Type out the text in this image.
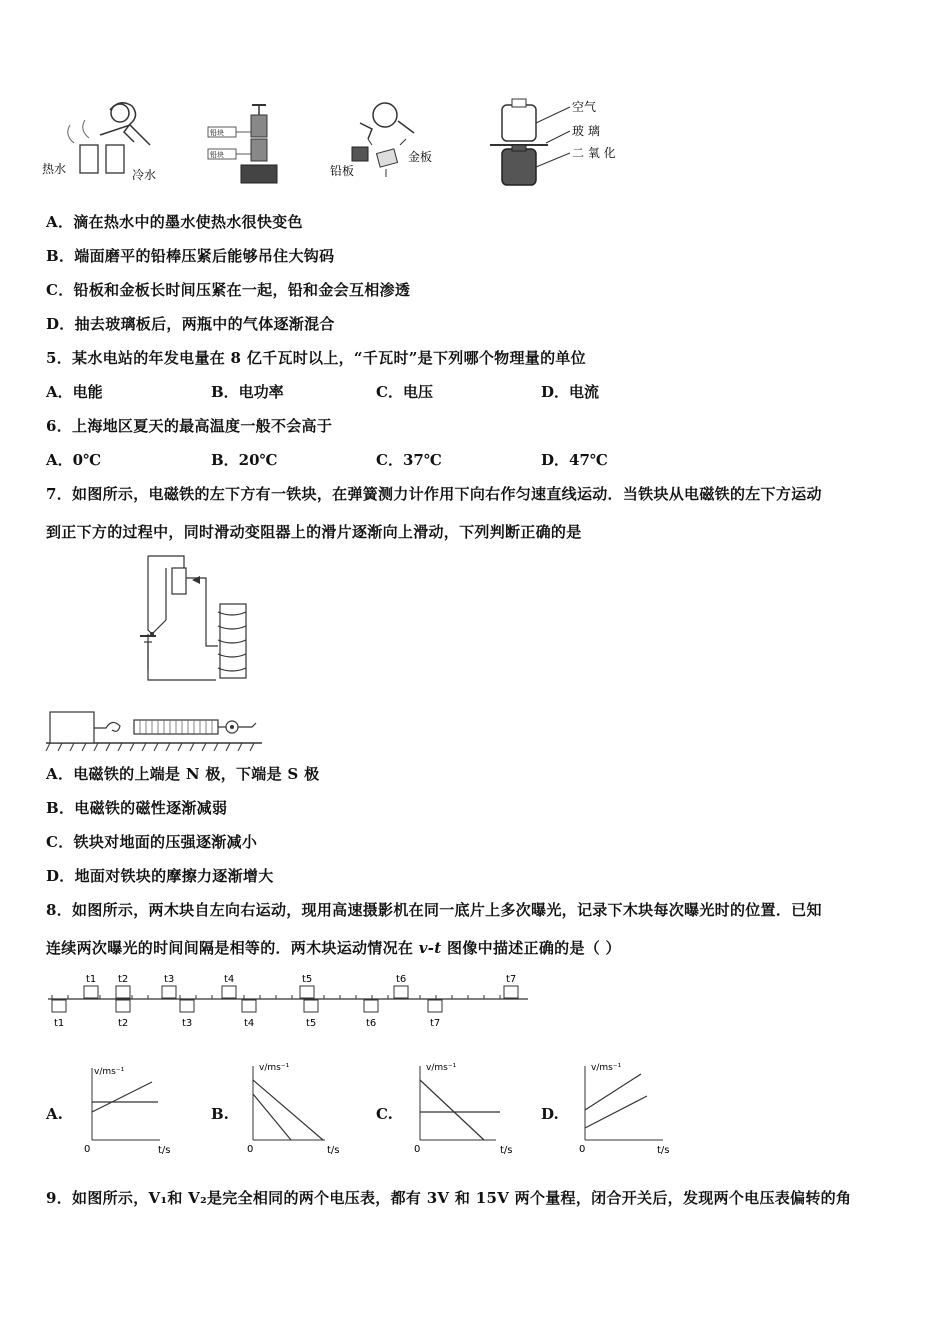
热水	冷水
铅块
铅块
铅板
金板
空气
玻 璃
二 氧 化
A．滴在热水中的墨水使热水很快变色
B．端面磨平的铅棒压紧后能够吊住大钩码
C．铅板和金板长时间压紧在一起，铅和金会互相渗透
D．抽去玻璃板后，两瓶中的气体逐渐混合
5．某水电站的年发电量在 8 亿千瓦时以上，“千瓦时”是下列哪个物理量的单位
A．电能	B．电功率	C．电压	D．电流
6．上海地区夏天的最高温度一般不会高于
A．0℃	B．20℃	C．37℃	D．47℃
7．如图所示，电磁铁的左下方有一铁块，在弹簧测力计作用下向右作匀速直线运动．当铁块从电磁铁的左下方运动
到正下方的过程中，同时滑动变阻器上的滑片逐渐向上滑动，下列判断正确的是
A．电磁铁的上端是 N 极，下端是 S 极
B．电磁铁的磁性逐渐减弱
C．铁块对地面的压强逐渐减小
D．地面对铁块的摩擦力逐渐增大
8．如图所示，两木块自左向右运动，现用高速摄影机在同一底片上多次曝光，记录下木块每次曝光时的位置．已知
连续两次曝光的时间间隔是相等的．两木块运动情况在 v-t 图像中描述正确的是（ ）
t1 t2	t3	t4	t5	t6	t7
t1	t2	t3	t4	t5	t6	t7
A.	B.	C.	D.
v/ms⁻¹
t/s
0
v/ms⁻¹
t/s
0
v/ms⁻¹
t/s
0
v/ms⁻¹
t/s
0
9．如图所示，V₁和 V₂是完全相同的两个电压表，都有 3V 和 15V 两个量程，闭合开关后，发现两个电压表偏转的角
